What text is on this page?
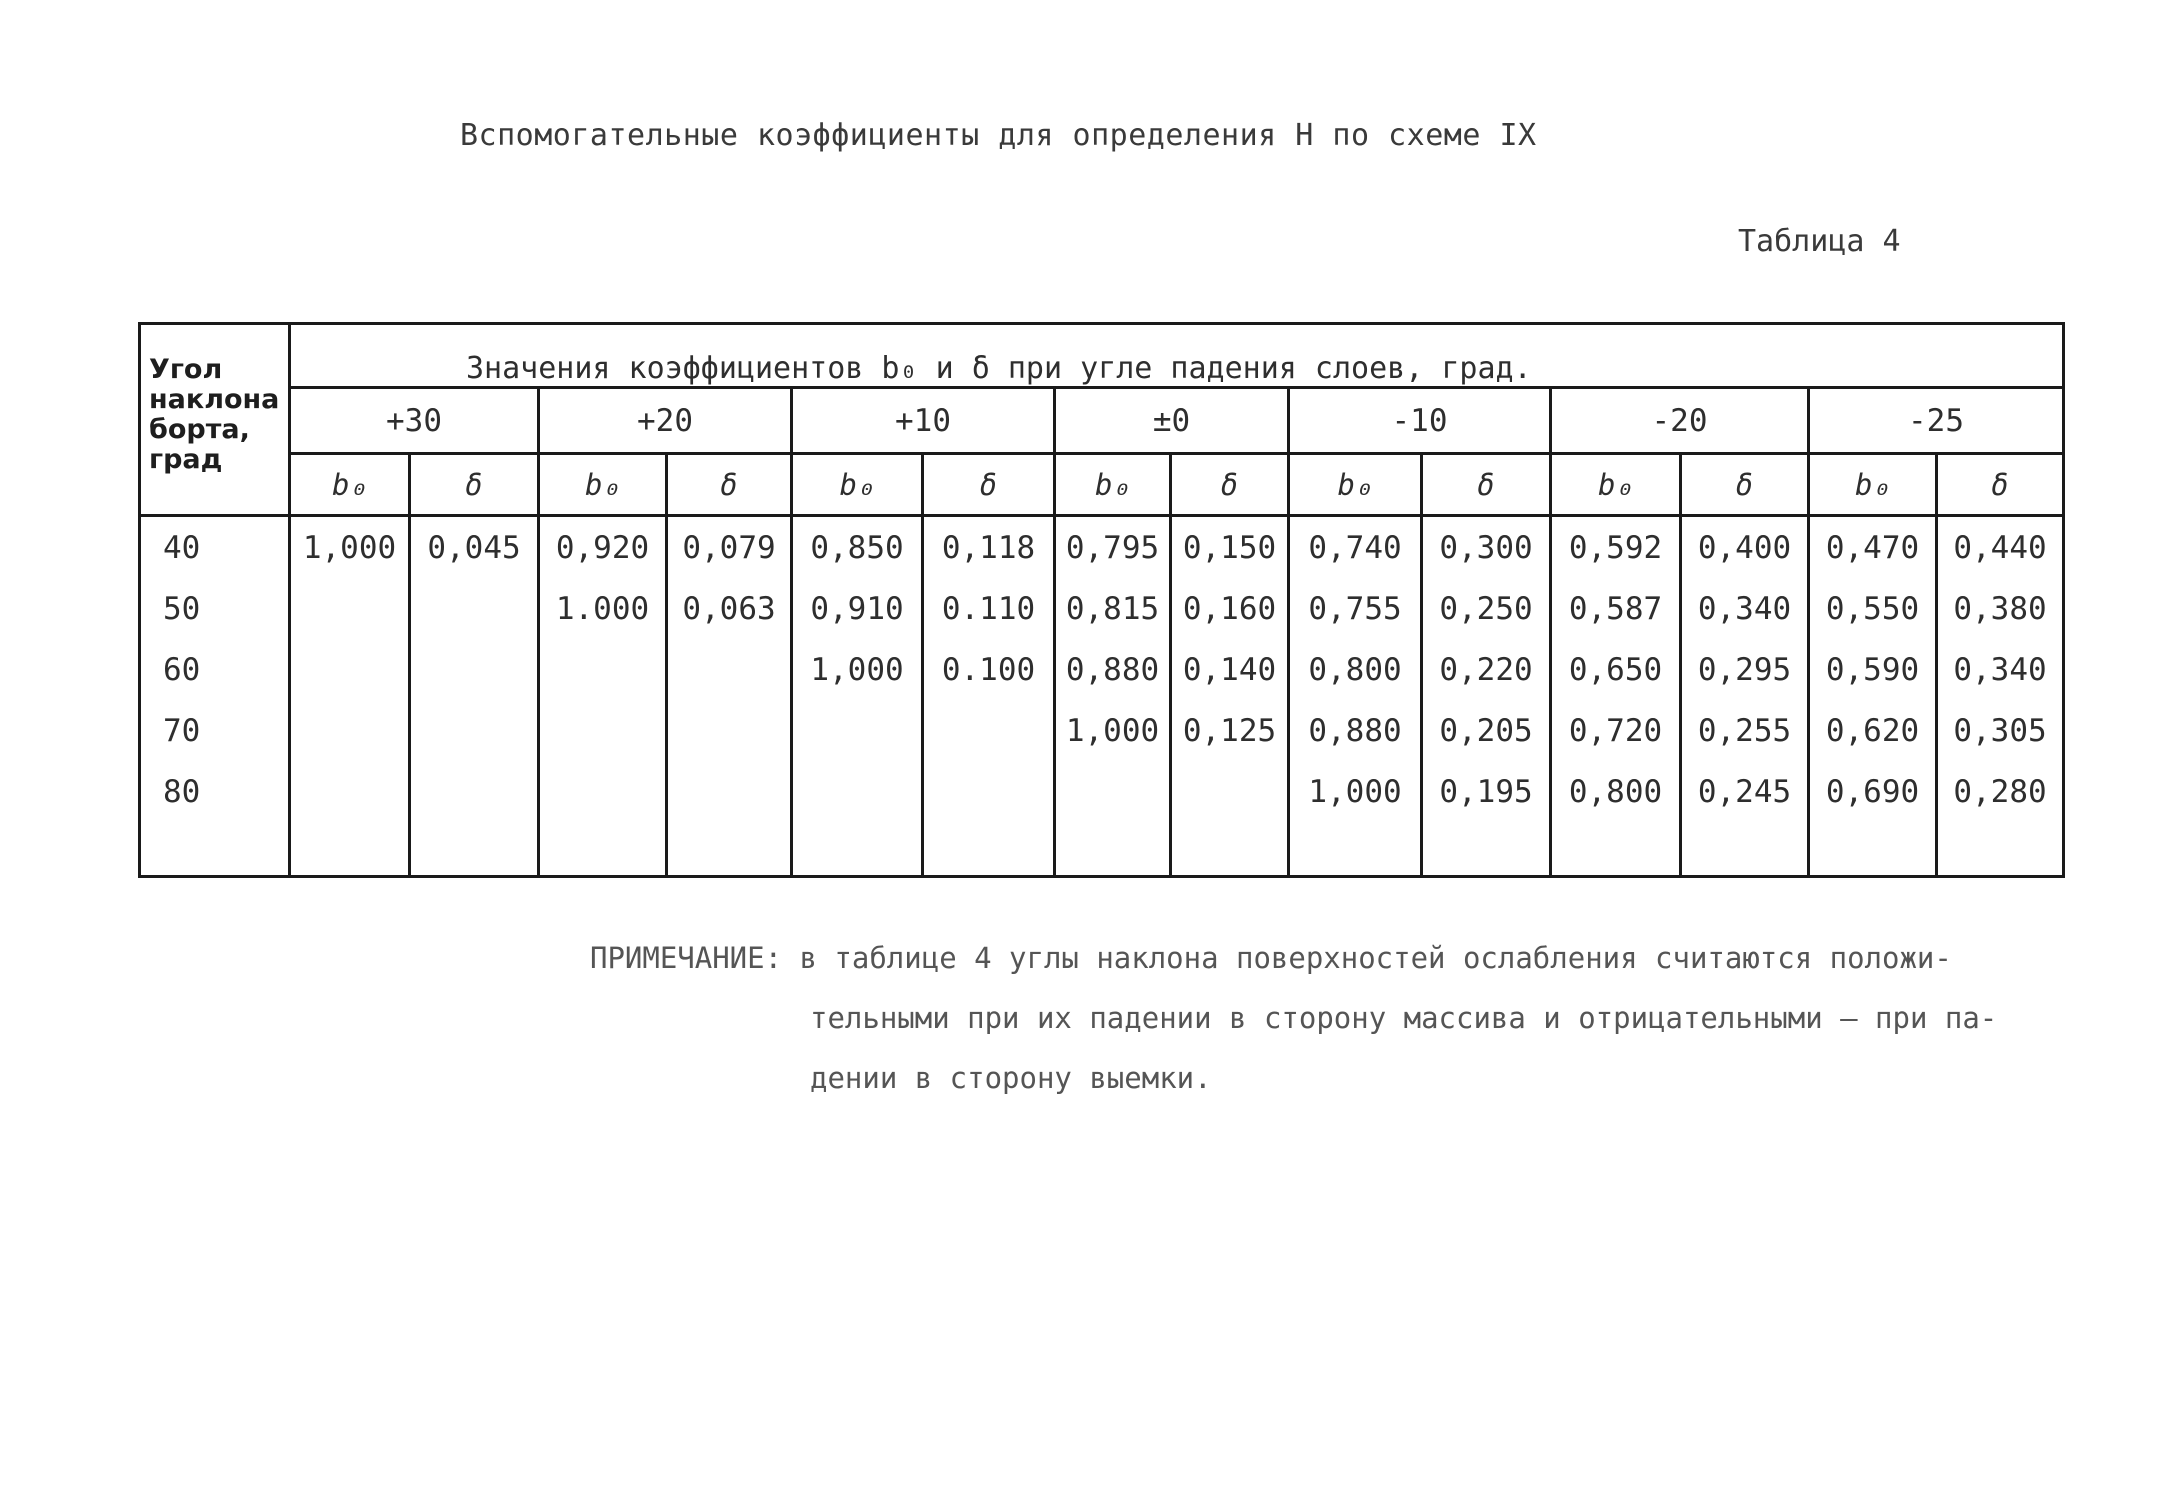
Вспомогательные коэффициенты для определения H по схеме IX
Таблица 4
Угол наклона борта, град	Значения коэффициентов b₀ и δ при угле падения слоев, град.													
	+30		+20		+10		±0		-10		-20		-25	
	b₀	δ	b₀	δ	b₀	δ	b₀	δ	b₀	δ	b₀	δ	b₀	δ
40	1,000	0,045	0,920	0,079	0,850	0,118	0,795	0,150	0,740	0,300	0,592	0,400	0,470	0,440
50			1.000	0,063	0,910	0.110	0,815	0,160	0,755	0,250	0,587	0,340	0,550	0,380
60					1,000	0.100	0,880	0,140	0,800	0,220	0,650	0,295	0,590	0,340
70							1,000	0,125	0,880	0,205	0,720	0,255	0,620	0,305
80									1,000	0,195	0,800	0,245	0,690	0,280

ПРИМЕЧАНИЕ: в таблице 4 углы наклона поверхностей ослабления считаются положи-
тельными при их падении в сторону массива и отрицательными – при па-
дении в сторону выемки.
